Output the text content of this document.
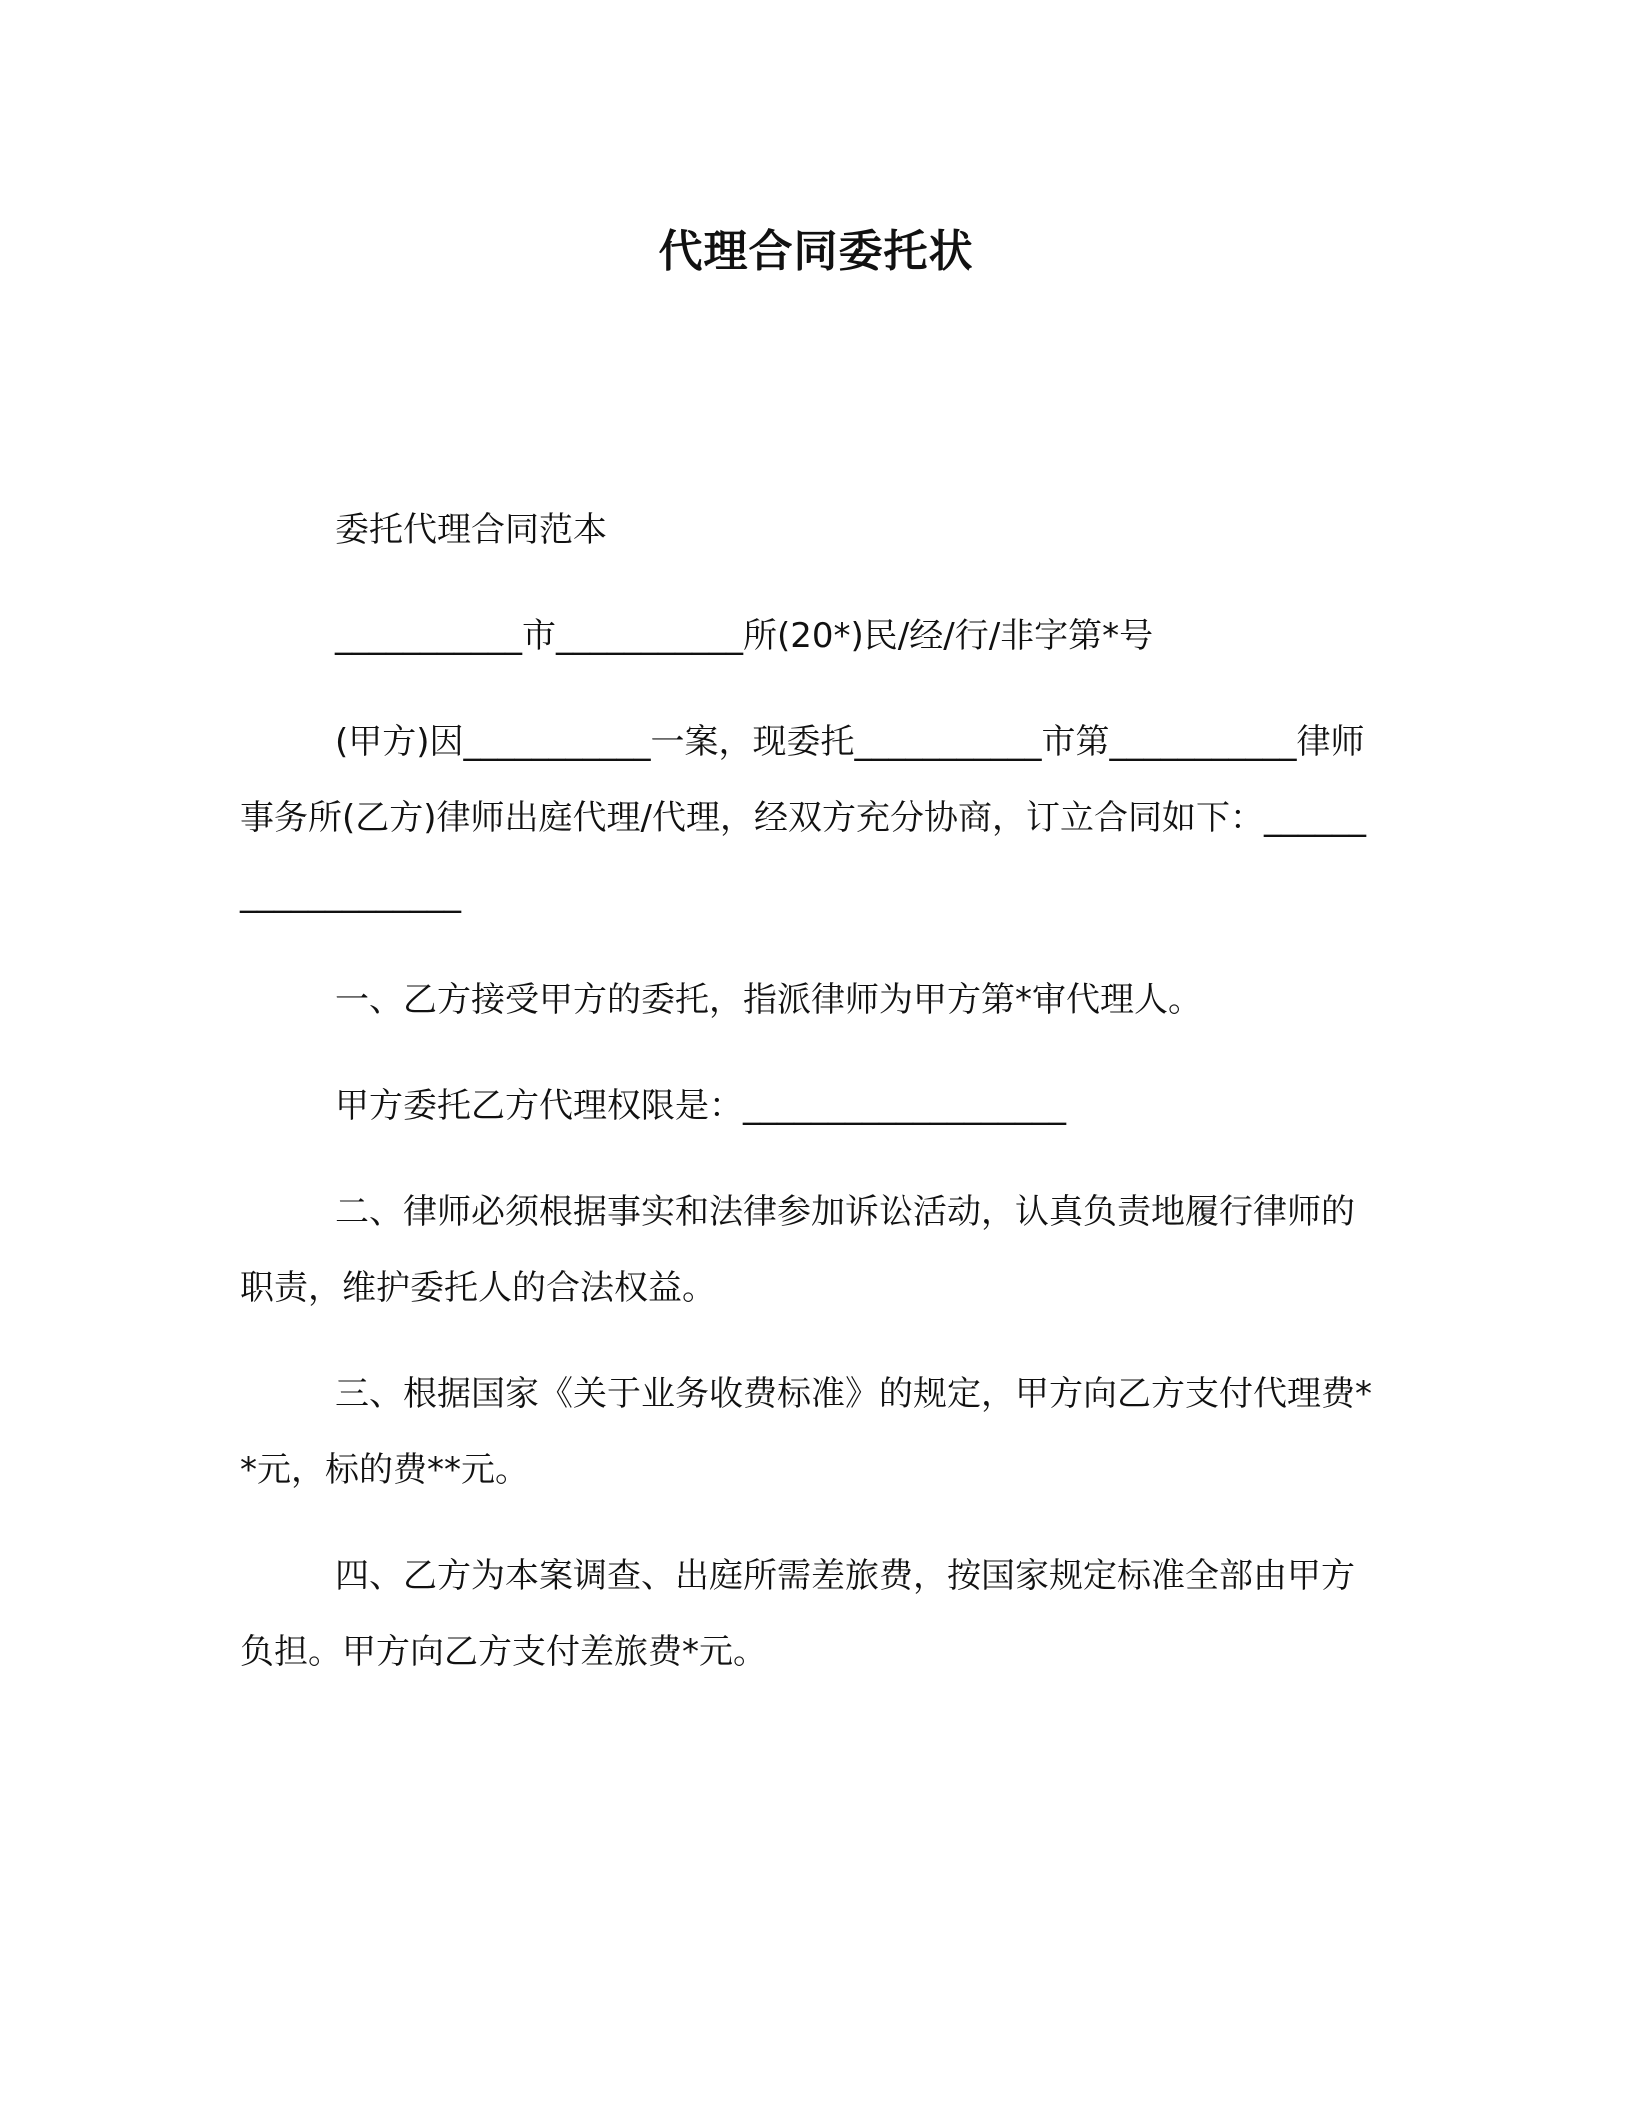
代理合同委托状

委托代理合同范本

___________市___________所(20*)民/经/行/非字第*号

(甲方)因___________一案，现委托___________市第___________律师事务所(乙方)律师出庭代理/代理，经双方充分协商，订立合同如下：___________________

一、乙方接受甲方的委托，指派律师为甲方第*审代理人。

甲方委托乙方代理权限是：___________________

二、律师必须根据事实和法律参加诉讼活动，认真负责地履行律师的职责，维护委托人的合法权益。

三、根据国家《关于业务收费标准》的规定，甲方向乙方支付代理费**元，标的费**元。

四、乙方为本案调查、出庭所需差旅费，按国家规定标准全部由甲方负担。甲方向乙方支付差旅费*元。
